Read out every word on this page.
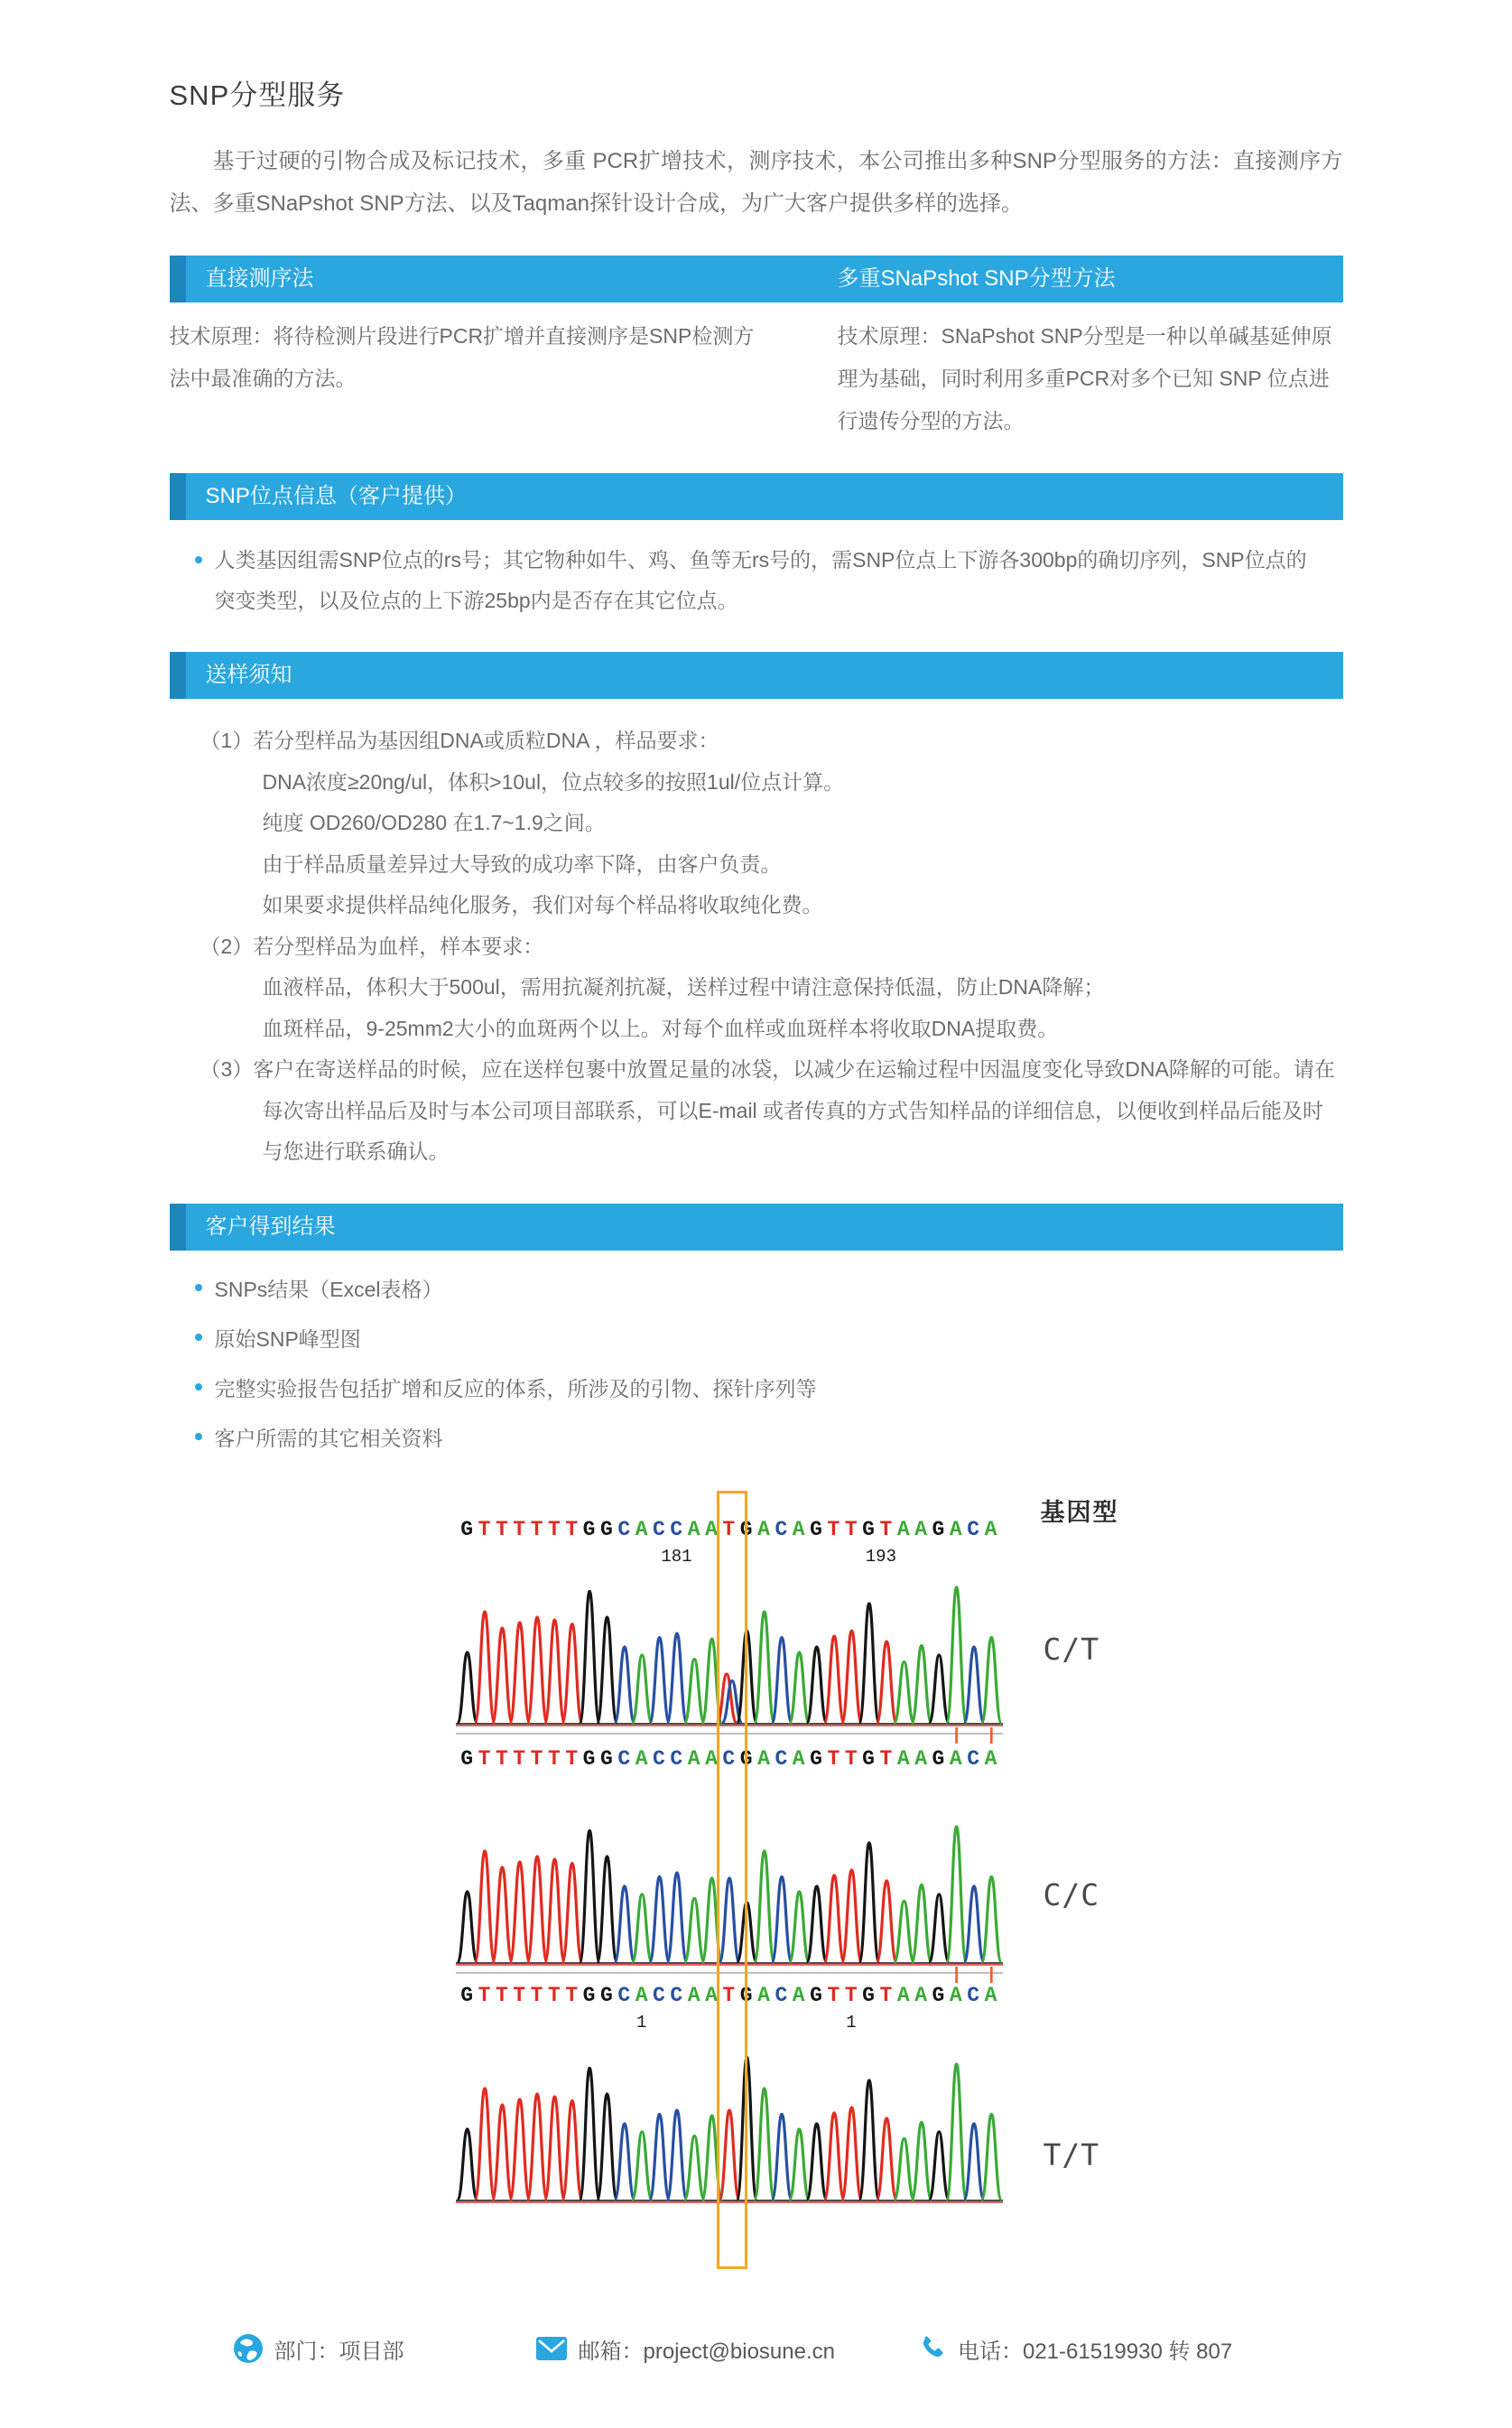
SNP分型服务

基于过硬的引物合成及标记技术，多重 PCR扩增技术，测序技术，本公司推出多种SNP分型服务的方法：直接测序方法、多重SNaPshot SNP方法、以及Taqman探针设计合成，为广大客户提供多样的选择。

直接测序法	多重SNaPshot SNP分型方法

技术原理：将待检测片段进行PCR扩增并直接测序是SNP检测方法中最准确的方法。

技术原理：SNaPshot SNP分型是一种以单碱基延伸原理为基础，同时利用多重PCR对多个已知 SNP 位点进行遗传分型的方法。

SNP位点信息（客户提供）
人类基因组需SNP位点的rs号；其它物种如牛、鸡、鱼等无rs号的，需SNP位点上下游各300bp的确切序列，SNP位点的突变类型，以及位点的上下游25bp内是否存在其它位点。
送样须知
（1）若分型样品为基因组DNA或质粒DNA ，样品要求：
DNA浓度≥20ng/ul，体积>10ul，位点较多的按照1ul/位点计算。
纯度 OD260/OD280 在1.7~1.9之间。
由于样品质量差异过大导致的成功率下降，由客户负责。
如果要求提供样品纯化服务，我们对每个样品将收取纯化费。
（2）若分型样品为血样，样本要求：
血液样品，体积大于500ul，需用抗凝剂抗凝，送样过程中请注意保持低温，防止DNA降解；
血斑样品，9-25mm2大小的血斑两个以上。对每个血样或血斑样本将收取DNA提取费。
（3）客户在寄送样品的时候，应在送样包裹中放置足量的冰袋，以减少在运输过程中因温度变化导致DNA降解的可能。请在每次寄出样品后及时与本公司项目部联系，可以E-mail 或者传真的方式告知样品的详细信息，以便收到样品后能及时与您进行联系确认。
客户得到结果
SNPs结果（Excel表格）
原始SNP峰型图
完整实验报告包括扩增和反应的体系，所涉及的引物、探针序列等
客户所需的其它相关资料
基因型
G T T T T T T G G C A C C A A T G A C A G T T G T A A G A C A
181	193
C/T
G T T T T T T G G C A C C A A C G A C A G T T G T A A G A C A
C/C
G T T T T T T G G C A C C A A T G A C A G T T G T A A G A C A
1	1
T/T
部门：项目部	邮箱：project@biosune.cn	电话：021-61519930 转 807
